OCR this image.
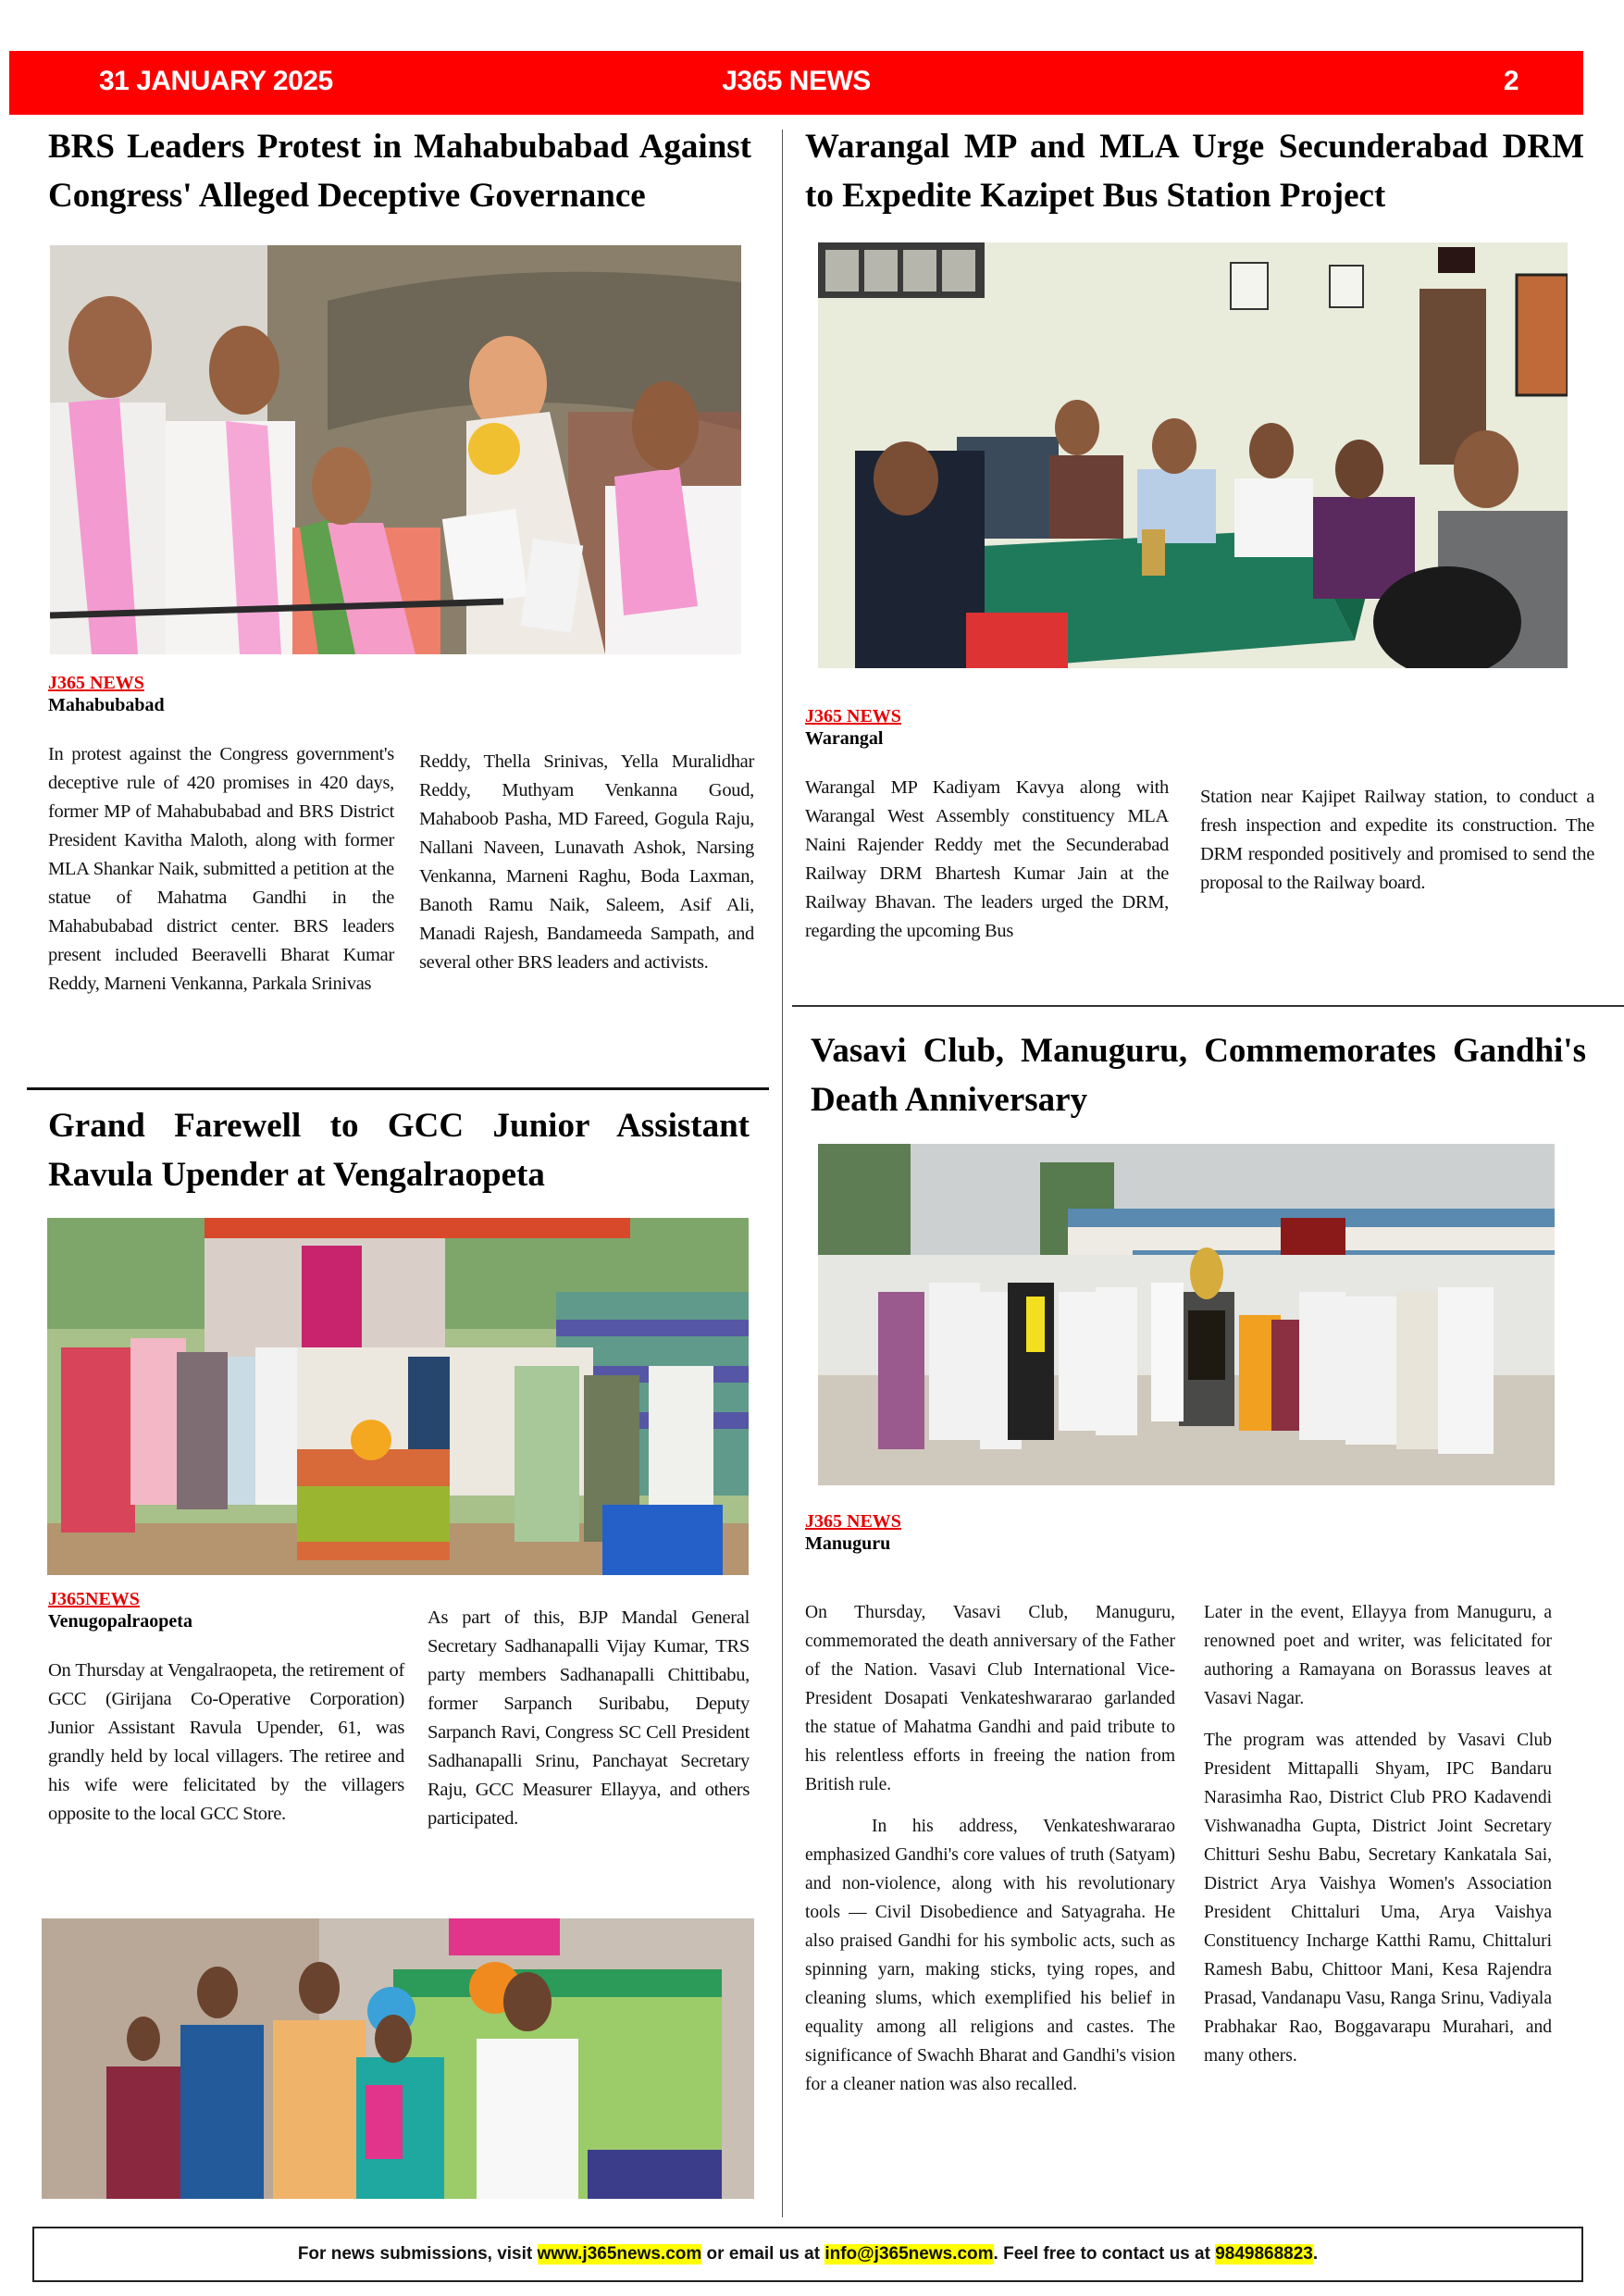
31 JANUARY 2025	J365 NEWS	2
BRS Leaders Protest in Mahabubabad Against Congress' Alleged Deceptive Governance
J365 NEWS
Mahabubabad

In protest against the Congress government's deceptive rule of 420 promises in 420 days, former MP of Mahabubabad and BRS District President Kavitha Maloth, along with former MLA Shankar Naik, submitted a petition at the statue of Mahatma Gandhi in the Mahabubabad district center. BRS leaders present included Beeravelli Bharat Kumar Reddy, Marneni Venkanna, Parkala Srinivas

Reddy, Thella Srinivas, Yella Muralidhar Reddy, Muthyam Venkanna Goud, Mahaboob Pasha, MD Fareed, Gogula Raju, Nallani Naveen, Lunavath Ashok, Narsing Venkanna, Marneni Raghu, Boda Laxman, Banoth Ramu Naik, Saleem, Asif Ali, Manadi Rajesh, Bandameeda Sampath, and several other BRS leaders and activists.

Warangal MP and MLA Urge Secunderabad DRM to Expedite Kazipet Bus Station Project
J365 NEWS
Warangal

Warangal MP Kadiyam Kavya along with Warangal West Assembly constituency MLA Naini Rajender Reddy met the Secunderabad Railway DRM Bhartesh Kumar Jain at the Railway Bhavan. The leaders urged the DRM, regarding the upcoming Bus

Station near Kajipet Railway station, to conduct a fresh inspection and expedite its construction. The DRM responded positively and promised to send the proposal to the Railway board.

Grand Farewell to GCC Junior Assistant Ravula Upender at Vengalraopeta
J365NEWS
Venugopalraopeta

On Thursday at Vengalraopeta, the retirement of GCC (Girijana Co-Operative Corporation) Junior Assistant Ravula Upender, 61, was grandly held by local villagers. The retiree and his wife were felicitated by the villagers opposite to the local GCC Store.

As part of this, BJP Mandal General Secretary Sadhanapalli Vijay Kumar, TRS party members Sadhanapalli Chittibabu, former Sarpanch Suribabu, Deputy Sarpanch Ravi, Congress SC Cell President Sadhanapalli Srinu, Panchayat Secretary Raju, GCC Measurer Ellayya, and others participated.

Vasavi Club, Manuguru, Commemorates Gandhi's Death Anniversary
J365 NEWS
Manuguru

On Thursday, Vasavi Club, Manuguru, commemorated the death anniversary of the Father of the Nation. Vasavi Club International Vice-President Dosapati Venkateshwararao garlanded the statue of Mahatma Gandhi and paid tribute to his relentless efforts in freeing the nation from British rule.

In his address, Venkateshwararao emphasized Gandhi's core values of truth (Satyam) and non-violence, along with his revolutionary tools — Civil Disobedience and Satyagraha. He also praised Gandhi for his symbolic acts, such as spinning yarn, making sticks, tying ropes, and cleaning slums, which exemplified his belief in equality among all religions and castes. The significance of Swachh Bharat and Gandhi's vision for a cleaner nation was also recalled.

Later in the event, Ellayya from Manuguru, a renowned poet and writer, was felicitated for authoring a Ramayana on Borassus leaves at Vasavi Nagar.

The program was attended by Vasavi Club President Mittapalli Shyam, IPC Bandaru Narasimha Rao, District Club PRO Kadavendi Vishwanadha Gupta, District Joint Secretary Chitturi Seshu Babu, Secretary Kankatala Sai, District Arya Vaishya Women's Association President Chittaluri Uma, Arya Vaishya Constituency Incharge Katthi Ramu, Chittaluri Ramesh Babu, Chittoor Mani, Kesa Rajendra Prasad, Vandanapu Vasu, Ranga Srinu, Vadiyala Prabhakar Rao, Boggavarapu Murahari, and many others.

For news submissions, visit www.j365news.com or email us at info@j365news.com . Feel free to contact us at 9849868823 .
